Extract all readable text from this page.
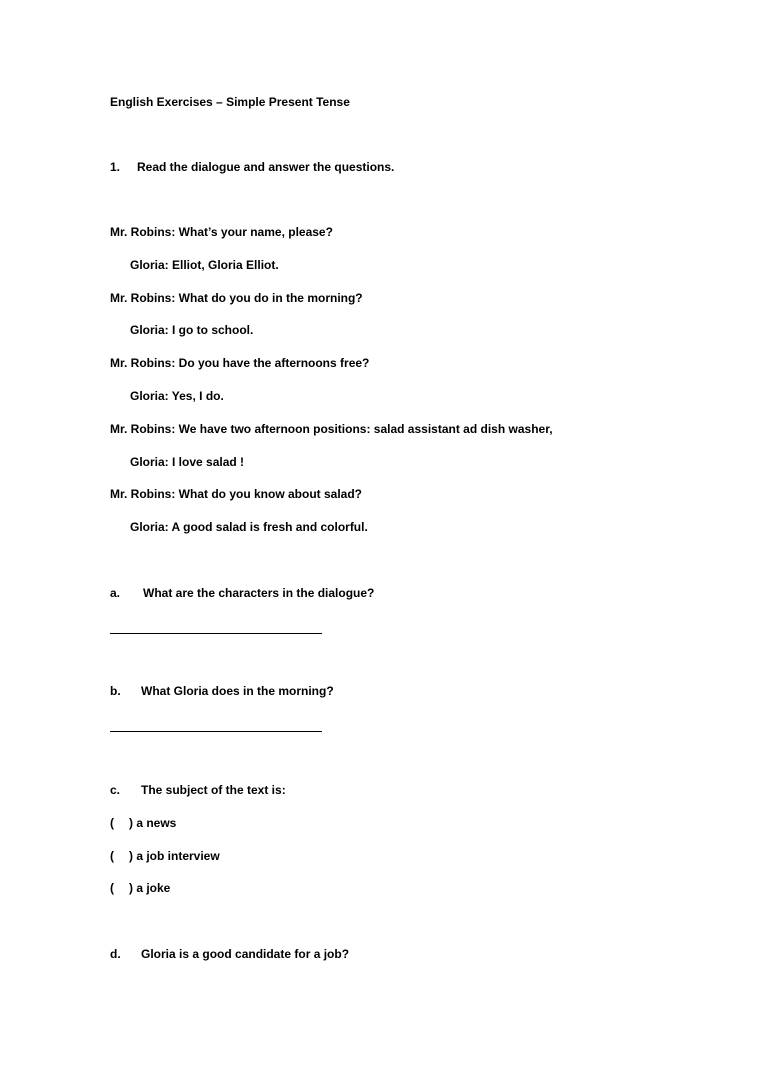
English Exercises – Simple Present Tense
1. Read the dialogue and answer the questions.
Mr. Robins: What’s your name, please?
Gloria: Elliot, Gloria Elliot.
Mr. Robins: What do you do in the morning?
Gloria: I go to school.
Mr. Robins: Do you have the afternoons free?
Gloria: Yes, I do.
Mr. Robins: We have two afternoon positions: salad assistant ad dish washer,
Gloria: I love salad !
Mr. Robins: What do you know about salad?
Gloria: A good salad is fresh and colorful.
a. What are the characters in the dialogue?
b. What Gloria does in the morning?
c. The subject of the text is:
( ) a news
( ) a job interview
( ) a joke
d. Gloria is a good candidate for a job?
